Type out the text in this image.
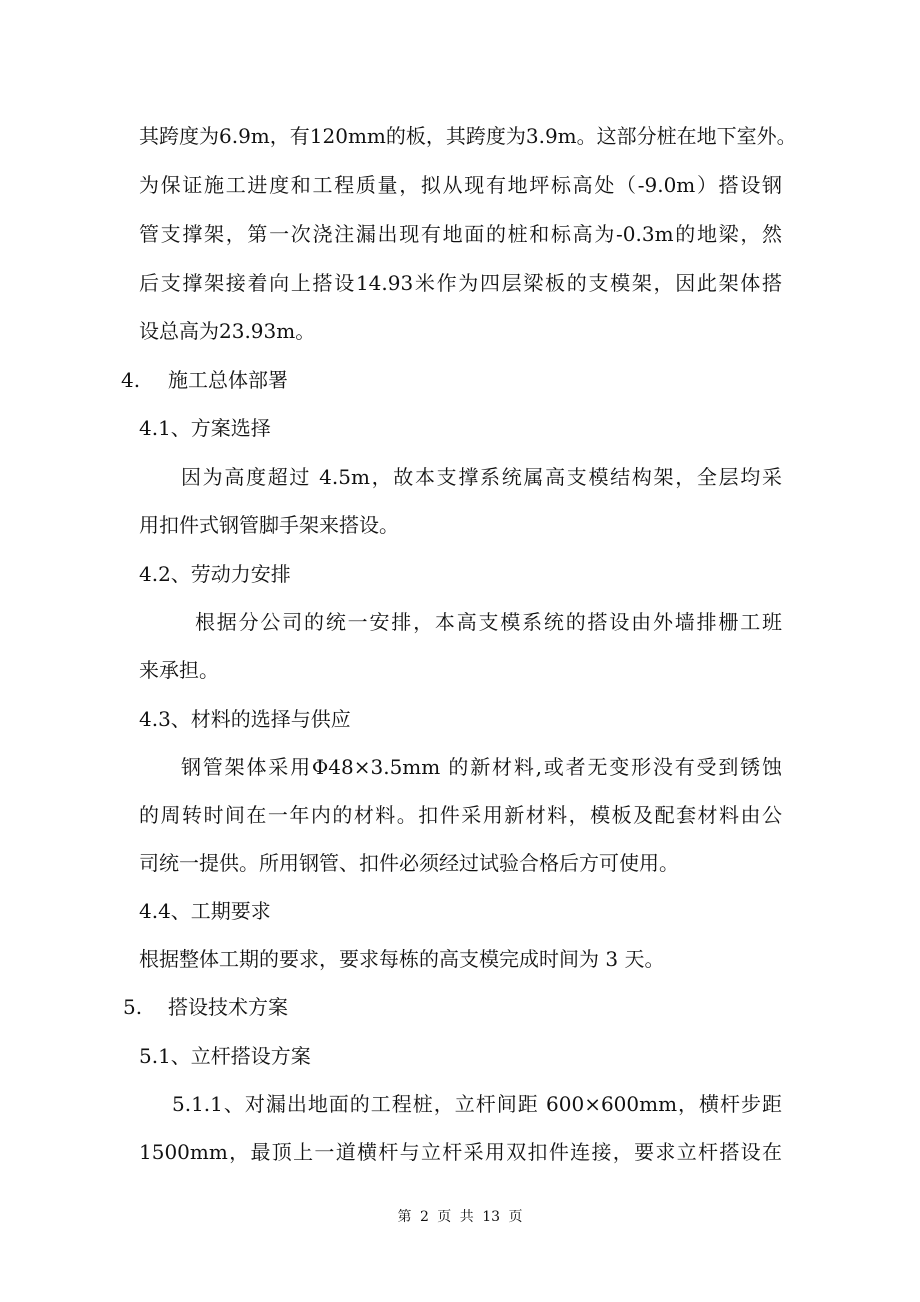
其跨度为6.9m，有120mm的板，其跨度为3.9m。这部分桩在地下室外。
为保证施工进度和工程质量，拟从现有地坪标高处（-9.0m）搭设钢
管支撑架，第一次浇注漏出现有地面的桩和标高为-0.3m的地梁，然
后支撑架接着向上搭设14.93米作为四层梁板的支模架，因此架体搭
设总高为23.93m。
4. 施工总体部署
4.1、方案选择
因为高度超过 4.5m，故本支撑系统属高支模结构架，全层均采
用扣件式钢管脚手架来搭设。
4.2、劳动力安排
根据分公司的统一安排，本高支模系统的搭设由外墙排栅工班
来承担。
4.3、材料的选择与供应
钢管架体采用Φ48×3.5mm 的新材料,或者无变形没有受到锈蚀
的周转时间在一年内的材料。扣件采用新材料，模板及配套材料由公
司统一提供。所用钢管、扣件必须经过试验合格后方可使用。
4.4、工期要求
根据整体工期的要求，要求每栋的高支模完成时间为 3 天。
5. 搭设技术方案
5.1、立杆搭设方案
5.1.1、对漏出地面的工程桩，立杆间距 600×600mm，横杆步距
1500mm，最顶上一道横杆与立杆采用双扣件连接，要求立杆搭设在
第 2 页 共 13 页
